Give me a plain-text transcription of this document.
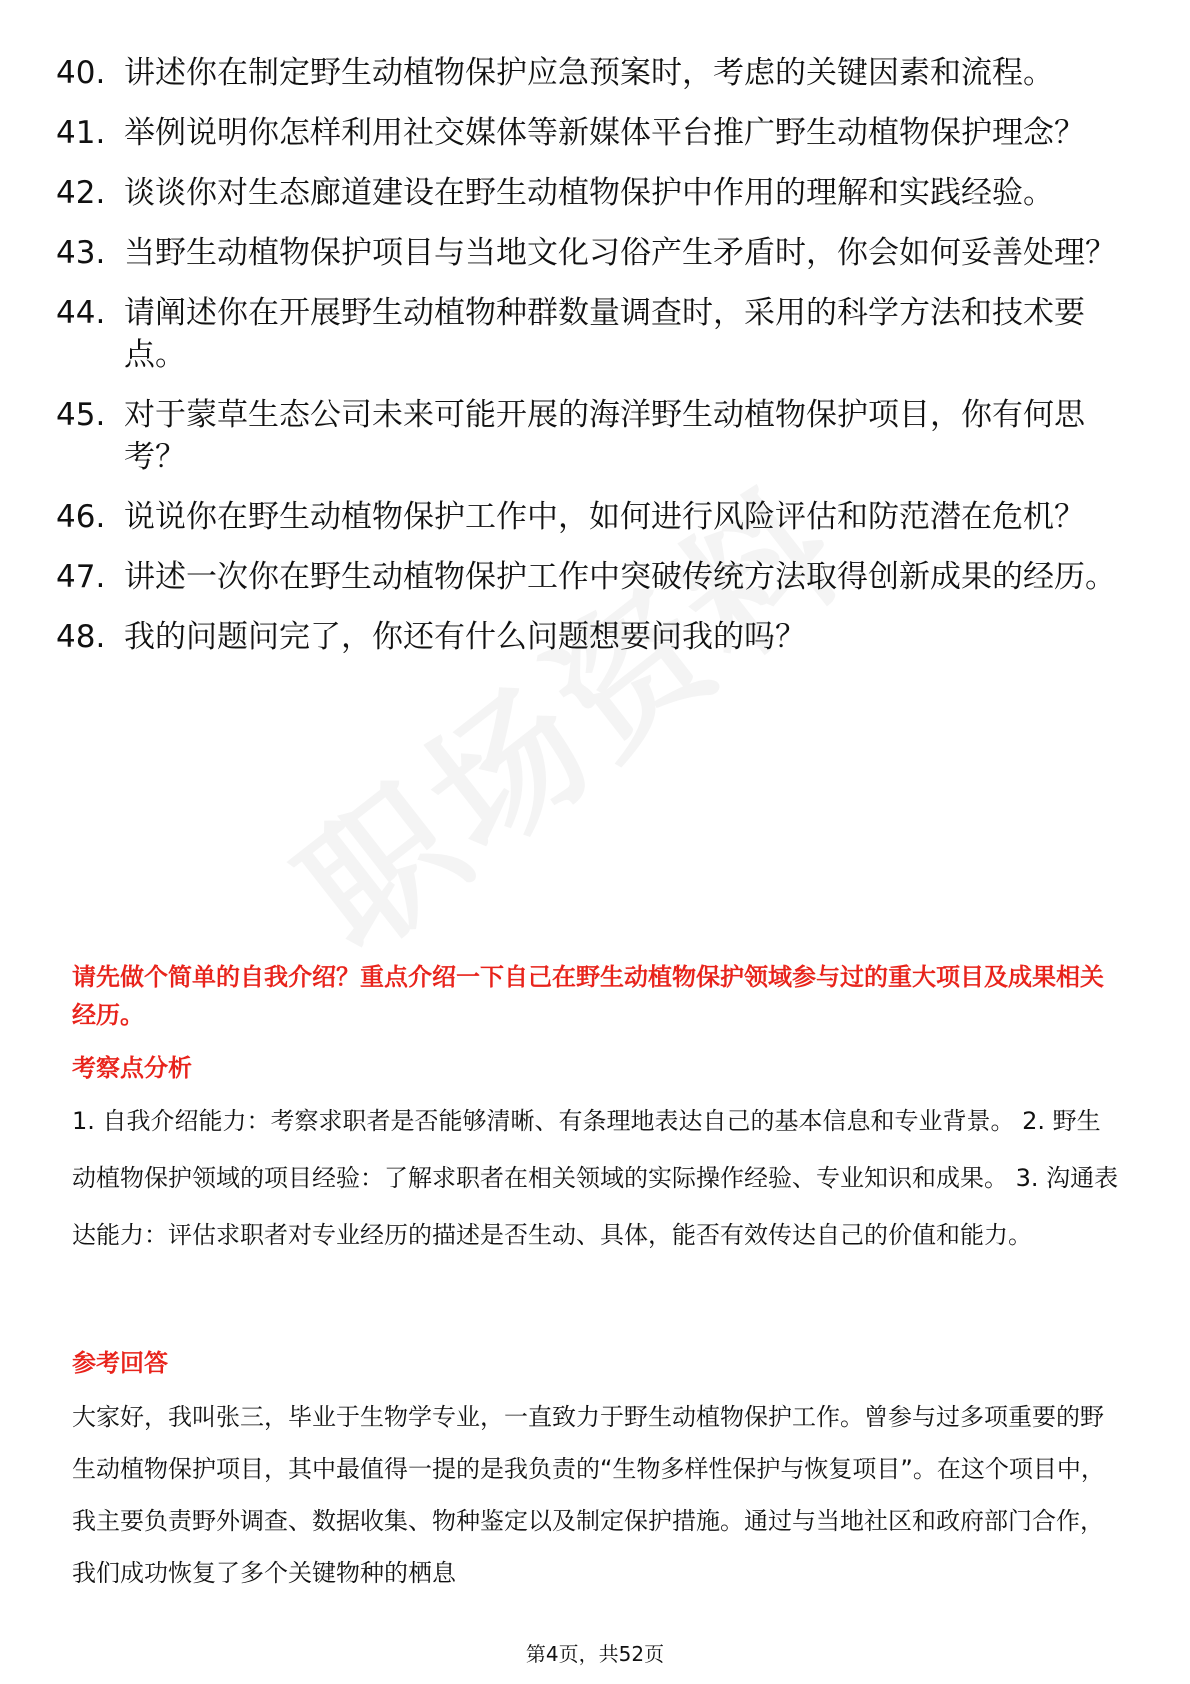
40. 讲述你在制定野生动植物保护应急预案时，考虑的关键因素和流程。
41. 举例说明你怎样利用社交媒体等新媒体平台推广野生动植物保护理念？
42. 谈谈你对生态廊道建设在野生动植物保护中作用的理解和实践经验。
43. 当野生动植物保护项目与当地文化习俗产生矛盾时，你会如何妥善处理？
44. 请阐述你在开展野生动植物种群数量调查时，采用的科学方法和技术要点。
45. 对于蒙草生态公司未来可能开展的海洋野生动植物保护项目，你有何思考？
46. 说说你在野生动植物保护工作中，如何进行风险评估和防范潜在危机？
47. 讲述一次你在野生动植物保护工作中突破传统方法取得创新成果的经历。
48. 我的问题问完了，你还有什么问题想要问我的吗？
请先做个简单的自我介绍？重点介绍一下自己在野生动植物保护领域参与过的重大项目及成果相关经历。
考察点分析
1. 自我介绍能力：考察求职者是否能够清晰、有条理地表达自己的基本信息和专业背景。 2. 野生动植物保护领域的项目经验：了解求职者在相关领域的实际操作经验、专业知识和成果。 3. 沟通表达能力：评估求职者对专业经历的描述是否生动、具体，能否有效传达自己的价值和能力。
参考回答
大家好，我叫张三，毕业于生物学专业，一直致力于野生动植物保护工作。曾参与过多项重要的野生动植物保护项目，其中最值得一提的是我负责的“生物多样性保护与恢复项目”。在这个项目中，我主要负责野外调查、数据收集、物种鉴定以及制定保护措施。通过与当地社区和政府部门合作，我们成功恢复了多个关键物种的栖息
第4页，共52页
